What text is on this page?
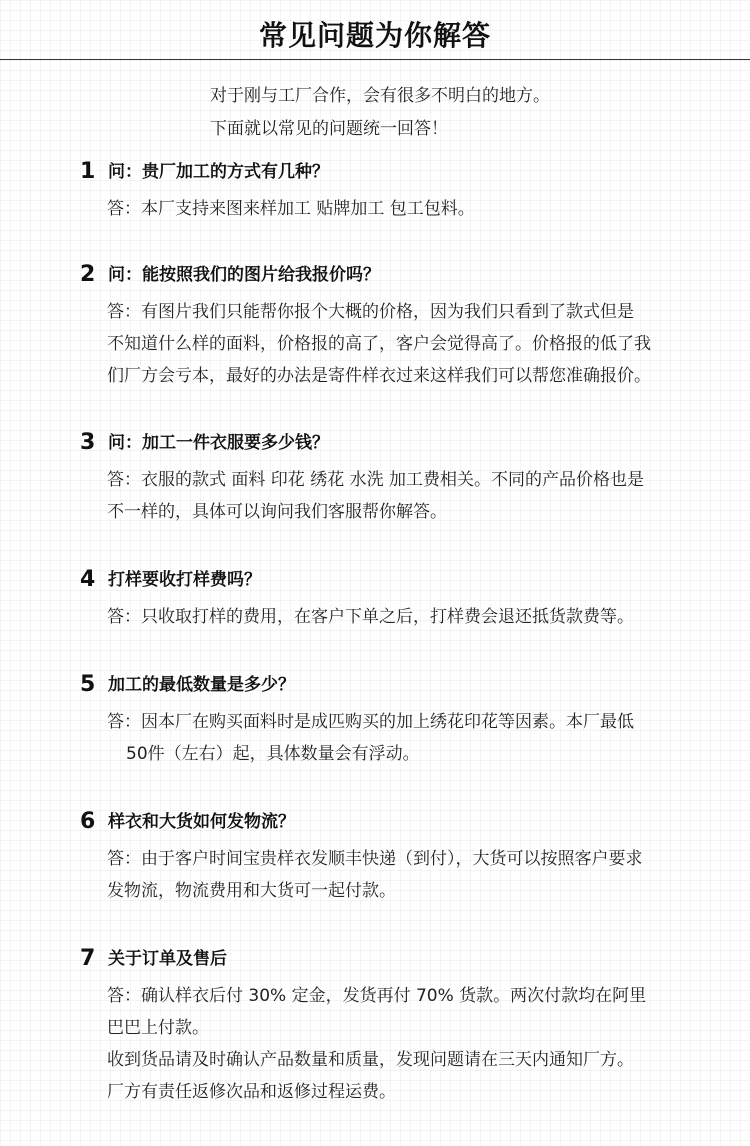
常见问题为你解答
对于刚与工厂合作，会有很多不明白的地方。
下面就以常见的问题统一回答！
1 问：贵厂加工的方式有几种？
答：本厂支持来图来样加工 贴牌加工 包工包料。
2 问：能按照我们的图片给我报价吗？
答：有图片我们只能帮你报个大概的价格，因为我们只看到了款式但是
不知道什么样的面料，价格报的高了，客户会觉得高了。价格报的低了我
们厂方会亏本，最好的办法是寄件样衣过来这样我们可以帮您准确报价。
3 问：加工一件衣服要多少钱？
答：衣服的款式 面料 印花 绣花 水洗 加工费相关。不同的产品价格也是
不一样的，具体可以询问我们客服帮你解答。
4 打样要收打样费吗？
答：只收取打样的费用，在客户下单之后，打样费会退还抵货款费等。
5 加工的最低数量是多少？
答：因本厂在购买面料时是成匹购买的加上绣花印花等因素。本厂最低
50件（左右）起，具体数量会有浮动。
6 样衣和大货如何发物流？
答：由于客户时间宝贵样衣发顺丰快递（到付），大货可以按照客户要求
发物流，物流费用和大货可一起付款。
7 关于订单及售后
答：确认样衣后付 30% 定金，发货再付 70% 货款。两次付款均在阿里
巴巴上付款。
收到货品请及时确认产品数量和质量，发现问题请在三天内通知厂方。
厂方有责任返修次品和返修过程运费。
